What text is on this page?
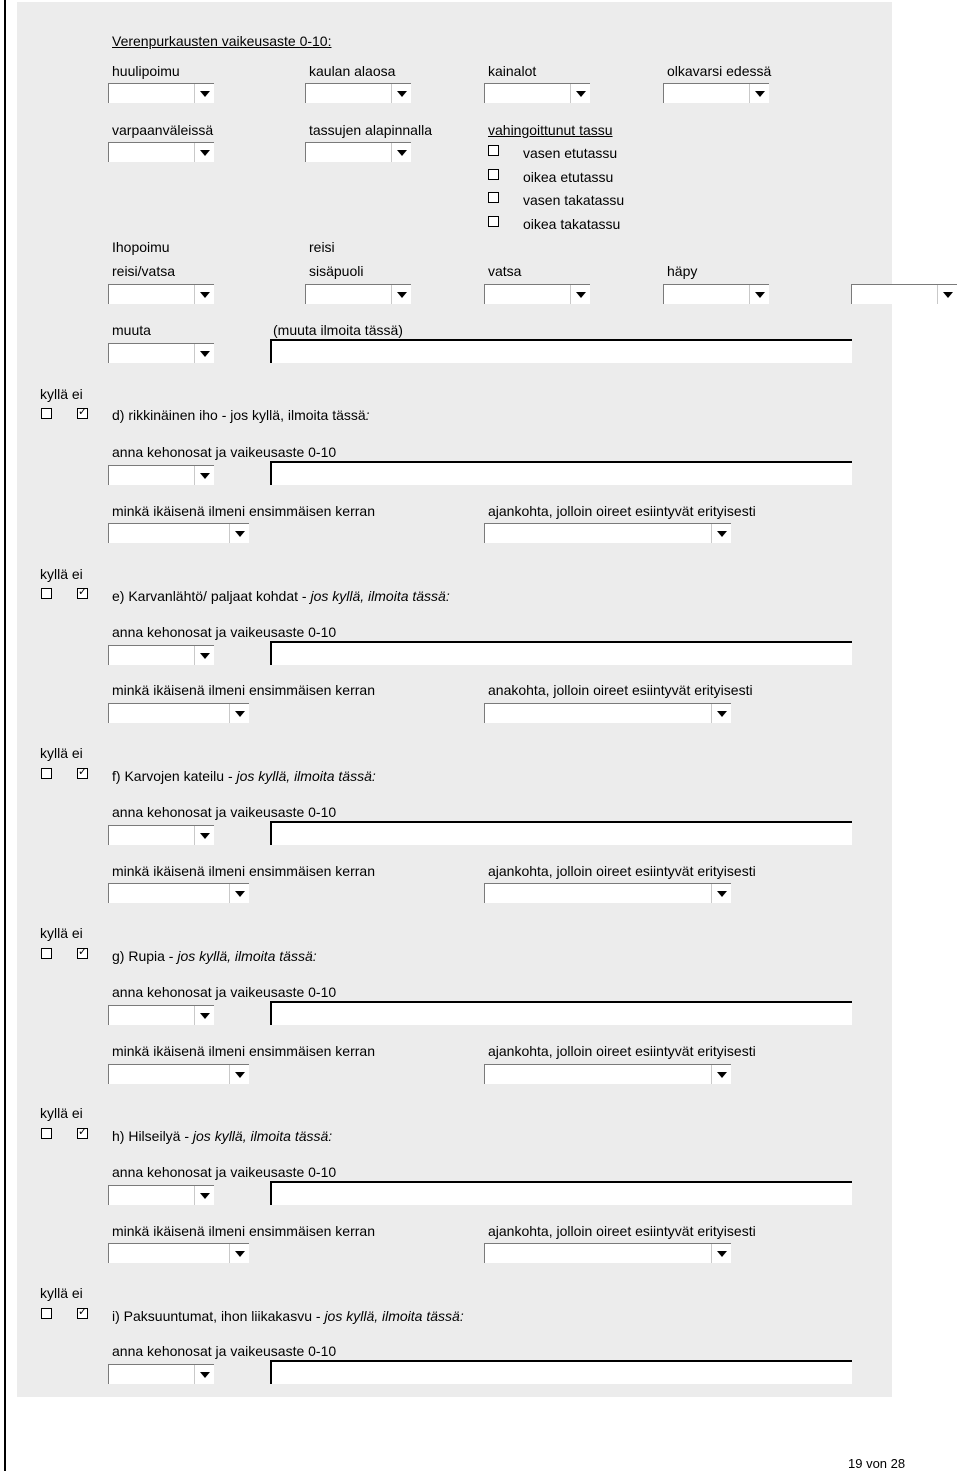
Verenpurkausten vaikeusaste 0-10:
huulipoimu	kaulan alaosa	kainalot	olkavarsi edessä
varpaanväleissä	tassujen alapinnalla	vahingoittunut tassu
vasen etutassu
oikea etutassu
vasen takatassu
oikea takatassu
Ihopoimu	reisi
reisi/vatsa	sisäpuoli	vatsa	häpy
muuta	(muuta ilmoita tässä)
kyllä ei
✓
d) rikkinäinen iho - jos kyllä, ilmoita tässä:
anna kehonosat ja vaikeusaste 0-10
minkä ikäisenä ilmeni ensimmäisen kerran	ajankohta, jolloin oireet esiintyvät erityisesti
kyllä ei
✓
e) Karvanlähtö/ paljaat kohdat - jos kyllä, ilmoita tässä:
anna kehonosat ja vaikeusaste 0-10
minkä ikäisenä ilmeni ensimmäisen kerran	anakohta, jolloin oireet esiintyvät erityisesti
kyllä ei
✓
f) Karvojen kateilu - jos kyllä, ilmoita tässä:
anna kehonosat ja vaikeusaste 0-10
minkä ikäisenä ilmeni ensimmäisen kerran	ajankohta, jolloin oireet esiintyvät erityisesti
kyllä ei
✓
g) Rupia - jos kyllä, ilmoita tässä:
anna kehonosat ja vaikeusaste 0-10
minkä ikäisenä ilmeni ensimmäisen kerran	ajankohta, jolloin oireet esiintyvät erityisesti
kyllä ei
✓
h) Hilseilyä - jos kyllä, ilmoita tässä:
anna kehonosat ja vaikeusaste 0-10
minkä ikäisenä ilmeni ensimmäisen kerran	ajankohta, jolloin oireet esiintyvät erityisesti
kyllä ei
✓
i) Paksuuntumat, ihon liikakasvu - jos kyllä, ilmoita tässä:
anna kehonosat ja vaikeusaste 0-10
19 von 28
